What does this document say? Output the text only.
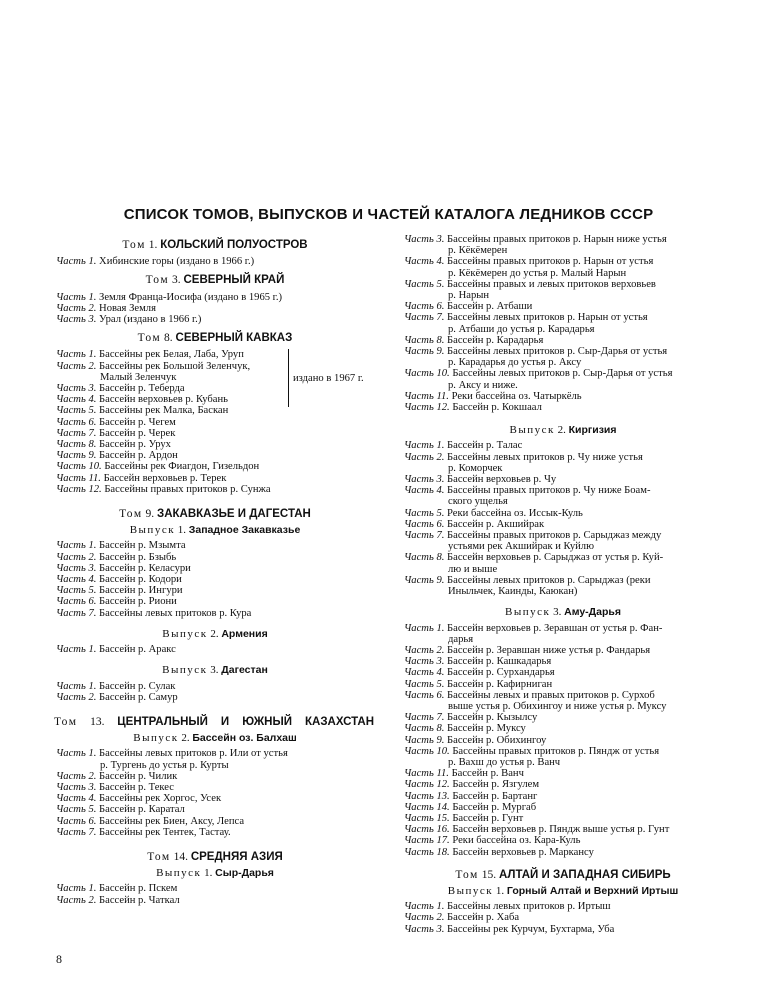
СПИСОК ТОМОВ, ВЫПУСКОВ И ЧАСТЕЙ КАТАЛОГА ЛЕДНИКОВ СССР
Том 1. КОЛЬСКИЙ ПОЛУОСТРОВ
Часть 1. Хибинские горы (издано в 1966 г.)
Том 3. СЕВЕРНЫЙ КРАЙ
Часть 1. Земля Франца-Иосифа (издано в 1965 г.)
Часть 2. Новая Земля
Часть 3. Урал (издано в 1966 г.)
Том 8. СЕВЕРНЫЙ КАВКАЗ
издано в 1967 г.
Часть 1. Бассейны рек Белая, Лаба, Уруп
Часть 2. Бассейны рек Большой Зеленчук,
Малый Зеленчук
Часть 3. Бассейн р. Теберда
Часть 4. Бассейн верховьев р. Кубань
Часть 5. Бассейны рек Малка, Баскан
Часть 6. Бассейн р. Чегем
Часть 7. Бассейн р. Черек
Часть 8. Бассейн р. Урух
Часть 9. Бассейн р. Ардон
Часть 10. Бассейны рек Фиагдон, Гизельдон
Часть 11. Бассейн верховьев р. Терек
Часть 12. Бассейны правых притоков р. Сунжа
Том 9. ЗАКАВКАЗЬЕ И ДАГЕСТАН
Выпуск 1. Западное Закавказье
Часть 1. Бассейн р. Мзымта
Часть 2. Бассейн р. Бзыбь
Часть 3. Бассейн р. Келасури
Часть 4. Бассейн р. Кодори
Часть 5. Бассейн р. Ингури
Часть 6. Бассейн р. Риони
Часть 7. Бассейны левых притоков р. Кура
Выпуск 2. Армения
Часть 1. Бассейн р. Аракс
Выпуск 3. Дагестан
Часть 1. Бассейн р. Сулак
Часть 2. Бассейн р. Самур
Том 13. ЦЕНТРАЛЬНЫЙ И ЮЖНЫЙ КАЗАХСТАН
Выпуск 2. Бассейн оз. Балхаш
Часть 1. Бассейны левых притоков р. Или от устья
р. Тургень до устья р. Курты
Часть 2. Бассейн р. Чилик
Часть 3. Бассейн р. Текес
Часть 4. Бассейны рек Хоргос, Усек
Часть 5. Бассейн р. Каратал
Часть 6. Бассейны рек Биен, Аксу, Лепса
Часть 7. Бассейны рек Тентек, Тастау.
Том 14. СРЕДНЯЯ АЗИЯ
Выпуск 1. Сыр-Дарья
Часть 1. Бассейн р. Пскем
Часть 2. Бассейн р. Чаткал
Часть 3. Бассейны правых притоков р. Нарын ниже устья
р. Кёкёмерен
Часть 4. Бассейны правых притоков р. Нарын от устья
р. Кёкёмерен до устья р. Малый Нарын
Часть 5. Бассейны правых и левых притоков верховьев
р. Нарын
Часть 6. Бассейн р. Атбаши
Часть 7. Бассейны левых притоков р. Нарын от устья
р. Атбаши до устья р. Карадарья
Часть 8. Бассейн р. Карадарья
Часть 9. Бассейны левых притоков р. Сыр-Дарья от устья
р. Карадарья до устья р. Аксу
Часть 10. Бассейны левых притоков р. Сыр-Дарья от устья
р. Аксу и ниже.
Часть 11. Реки бассейна оз. Чатыркёль
Часть 12. Бассейн р. Кокшаал
Выпуск 2. Киргизия
Часть 1. Бассейн р. Талас
Часть 2. Бассейны левых притоков р. Чу ниже устья
р. Коморчек
Часть 3. Бассейн верховьев р. Чу
Часть 4. Бассейны правых притоков р. Чу ниже Боам-
ского ущелья
Часть 5. Реки бассейна оз. Иссык-Куль
Часть 6. Бассейн р. Акшийрак
Часть 7. Бассейны правых притоков р. Сарыджаз между
устьями рек Акшийрак и Куйлю
Часть 8. Бассейн верховьев р. Сарыджаз от устья р. Куй-
лю и выше
Часть 9. Бассейны левых притоков р. Сарыджаз (реки
Иныльчек, Каинды, Каюкан)
Выпуск 3. Аму-Дарья
Часть 1. Бассейн верховьев р. Зеравшан от устья р. Фан-
дарья
Часть 2. Бассейн р. Зеравшан ниже устья р. Фандарья
Часть 3. Бассейн р. Кашкадарья
Часть 4. Бассейн р. Сурхандарья
Часть 5. Бассейн р. Кафирниган
Часть 6. Бассейны левых и правых притоков р. Сурхоб
выше устья р. Обихингоу и ниже устья р. Муксу
Часть 7. Бассейн р. Кызылсу
Часть 8. Бассейн р. Муксу
Часть 9. Бассейн р. Обихингоу
Часть 10. Бассейны правых притоков р. Пяндж от устья
р. Вахш до устья р. Ванч
Часть 11. Бассейн р. Ванч
Часть 12. Бассейн р. Язгулем
Часть 13. Бассейн р. Бартанг
Часть 14. Бассейн р. Мургаб
Часть 15. Бассейн р. Гунт
Часть 16. Бассейн верховьев р. Пяндж выше устья р. Гунт
Часть 17. Реки бассейна оз. Кара-Куль
Часть 18. Бассейн верховьев р. Маркансу
Том 15. АЛТАЙ И ЗАПАДНАЯ СИБИРЬ
Выпуск 1. Горный Алтай и Верхний Иртыш
Часть 1. Бассейны левых притоков р. Иртыш
Часть 2. Бассейн р. Хаба
Часть 3. Бассейны рек Курчум, Бухтарма, Уба
8
